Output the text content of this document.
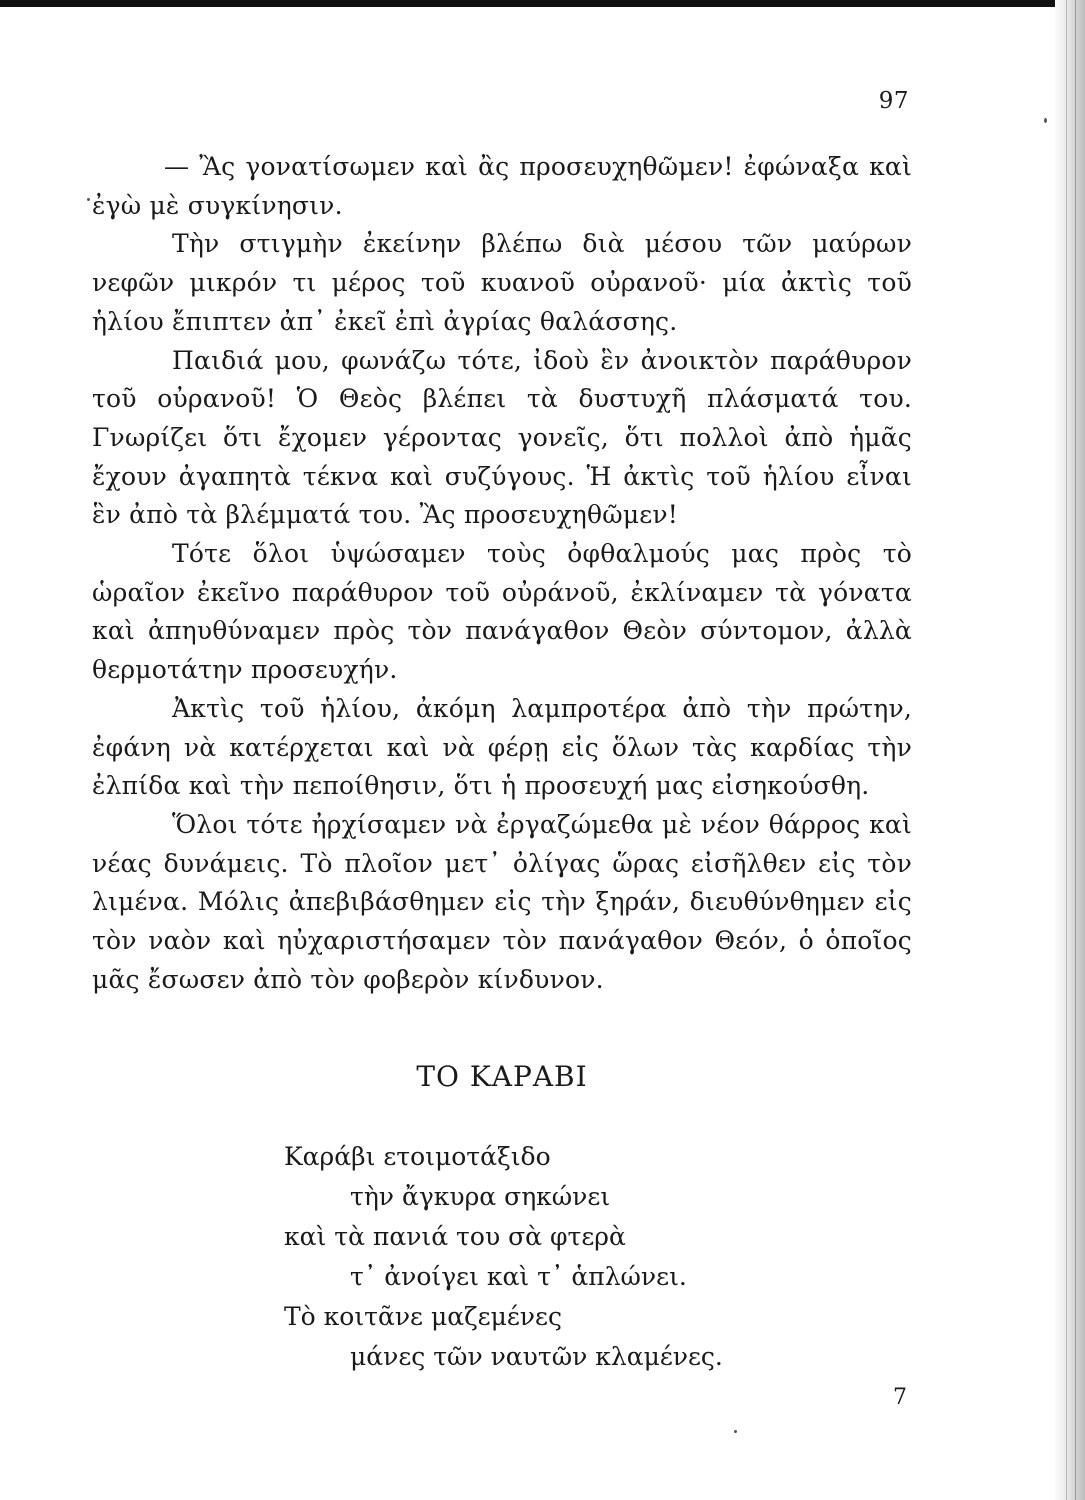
97

— Ἂς γονατίσωμεν καὶ ἂς προσευχηθῶμεν! ἐφώναξα καὶ ἐγὼ μὲ συγκίνησιν.

Τὴν στιγμὴν ἐκείνην βλέπω διὰ μέσου τῶν μαύρων νεφῶν μικρόν τι μέρος τοῦ κυανοῦ οὐρανοῦ· μία ἀκτὶς τοῦ ἡλίου ἔπιπτεν ἀπ᾽ ἐκεῖ ἐπὶ ἀγρίας θαλάσσης.

Παιδιά μου, φωνάζω τότε, ἰδοὺ ἓν ἀνοικτὸν παράθυρον τοῦ οὐρανοῦ! Ὁ Θεὸς βλέπει τὰ δυστυχῆ πλάσματά του. Γνωρίζει ὅτι ἔχομεν γέροντας γονεῖς, ὅτι πολλοὶ ἀπὸ ἡμᾶς ἔχουν ἀγαπητὰ τέκνα καὶ συζύγους. Ἡ ἀκτὶς τοῦ ἡλίου εἶναι ἓν ἀπὸ τὰ βλέμματά του. Ἂς προσευχηθῶμεν!

Τότε ὅλοι ὑψώσαμεν τοὺς ὀφθαλμούς μας πρὸς τὸ ὡραῖον ἐκεῖνο παράθυρον τοῦ οὐράνοῦ, ἐκλίναμεν τὰ γόνατα καὶ ἀπηυθύναμεν πρὸς τὸν πανάγαθον Θεὸν σύντομον, ἀλλὰ θερμοτάτην προσευχήν.

Ἀκτὶς τοῦ ἡλίου, ἀκόμη λαμπροτέρα ἀπὸ τὴν πρώτην, ἐφάνη νὰ κατέρχεται καὶ νὰ φέρῃ εἰς ὅλων τὰς καρδίας τὴν ἐλπίδα καὶ τὴν πεποίθησιν, ὅτι ἡ προσευχή μας εἰσηκούσθη.

Ὅλοι τότε ἠρχίσαμεν νὰ ἐργαζώμεθα μὲ νέον θάρρος καὶ νέας δυνάμεις. Τὸ πλοῖον μετ᾽ ὀλίγας ὥρας εἰσῆλθεν εἰς τὸν λιμένα. Μόλις ἀπεβιβάσθημεν εἰς τὴν ξηράν, διευθύνθημεν εἰς τὸν ναὸν καὶ ηὐχαριστήσαμεν τὸν πανάγαθον Θεόν, ὁ ὁποῖος μᾶς ἔσωσεν ἀπὸ τὸν φοβερὸν κίνδυνον.

ΤΟ ΚΑΡΑΒΙ
Καράβι ετοιμοτάξιδο
τὴν ἄγκυρα σηκώνει
καὶ τὰ πανιά του σὰ φτερὰ
τ᾽ ἀνοίγει καὶ τ᾽ ἁπλώνει.
Τὸ κοιτᾶνε μαζεμένες
μάνες τῶν ναυτῶν κλαμένες.
7
